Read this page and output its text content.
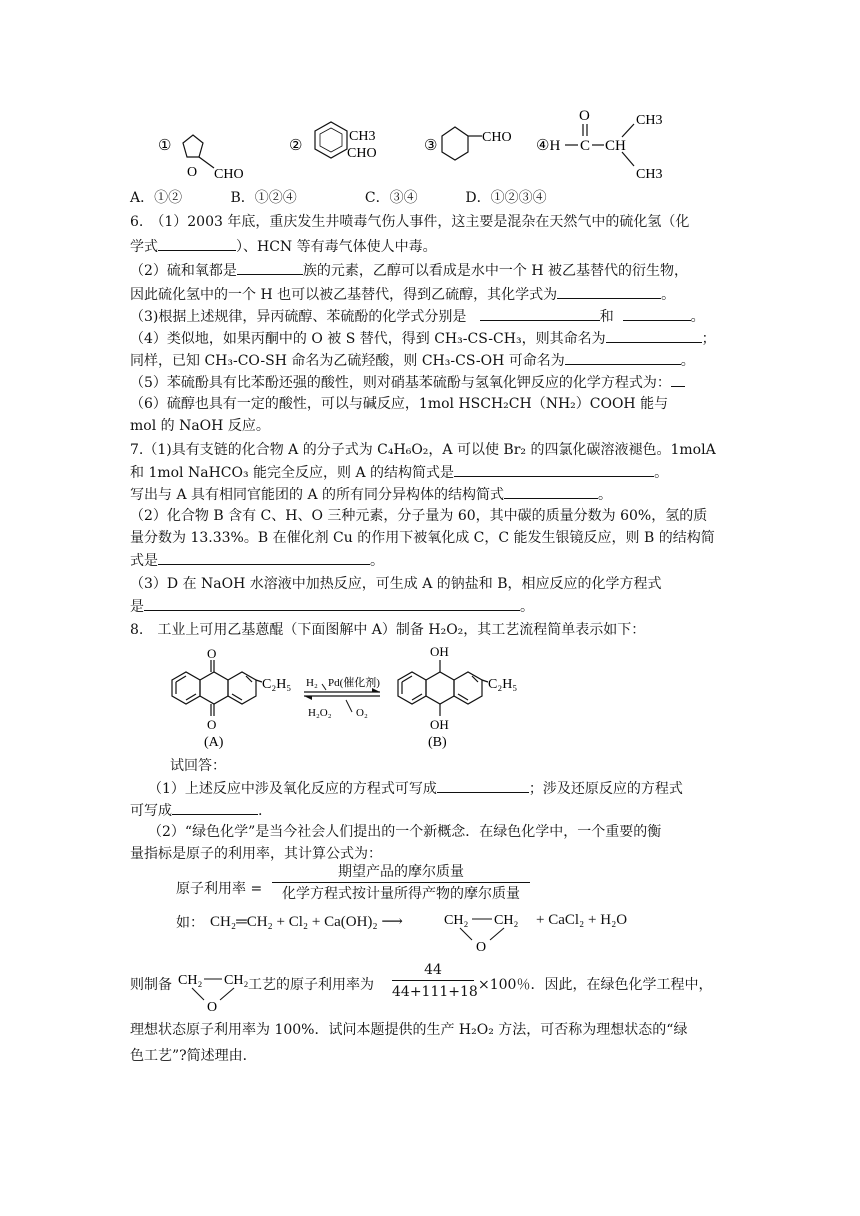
①
O CHO
②
CH3
CHO	③
CHO
④H C
O
CH
CH3
CH3
A．①②	B．①②④	C．③④	D．①②③④
6.　（1）2003 年底，重庆发生井喷毒气伤人事件，这主要是混杂在天然气中的硫化氢（化
学式	）、HCN 等有毒气体使人中毒。
（2）硫和氧都是	族的元素，乙醇可以看成是水中一个 H 被乙基替代的衍生物，
因此硫化氢中的一个 H 也可以被乙基替代，得到乙硫醇，其化学式为	。
（3)根据上述规律，异丙硫醇、苯硫酚的化学式分别是	和	。
（4）类似地，如果丙酮中的 O 被 S 替代，得到 CH₃-CS-CH₃，则其命名为	；
同样，已知 CH₃-CO-SH 命名为乙硫羟酸，则 CH₃-CS-OH 可命名为	。
（5）苯硫酚具有比苯酚还强的酸性，则对硝基苯硫酚与氢氧化钾反应的化学方程式为：
（6）硫醇也具有一定的酸性，可以与碱反应，1mol HSCH₂CH（NH₂）COOH 能与
mol 的 NaOH 反应。
7.（1)具有支链的化合物 A 的分子式为 C₄H₆O₂，A 可以使 Br₂ 的四氯化碳溶液褪色。1molA
和 1mol NaHCO₃ 能完全反应，则 A 的结构简式是	。
写出与 A 具有相同官能团的 A 的所有同分异构体的结构简式	。
（2）化合物 B 含有 C、H、O 三种元素，分子量为 60，其中碳的质量分数为 60%，氢的质
量分数为 13.33%。B 在催化剂 Cu 的作用下被氧化成 C，C 能发生银镜反应，则 B 的结构简
式是	。
（3）D 在 NaOH 水溶液中加热反应，可生成 A 的钠盐和 B，相应反应的化学方程式
是	。
8.　工业上可用乙基蒽醌（下面图解中 A）制备 H₂O₂，其工艺流程简单表示如下：
O
O
C₂H₅
(A)
H₂ Pd(催化剂)
H₂O₂ O₂
OH
OH
C₂H₅
(B)
试回答：
（1）上述反应中涉及氧化反应的方程式可写成	；涉及还原反应的方程式
可写成	.
（2）“绿色化学”是当今社会人们提出的一个新概念．在绿色化学中，一个重要的衡
量指标是原子的利用率，其计算公式为：
原子利用率 =
期望产品的摩尔质量
化学方程式按计量所得产物的摩尔质量
如： CH₂═CH₂ + Cl₂ + Ca(OH)₂ ⟶	CH₂ CH₂
O
+ CaCl₂ + H₂O
则制备 CH₂ CH₂
O
工艺的原子利用率为
44
44+111+18 ×100％．因此，在绿色化学工程中，
理想状态原子利用率为 100%．试问本题提供的生产 H₂O₂ 方法，可否称为理想状态的“绿
色工艺”?简述理由．
